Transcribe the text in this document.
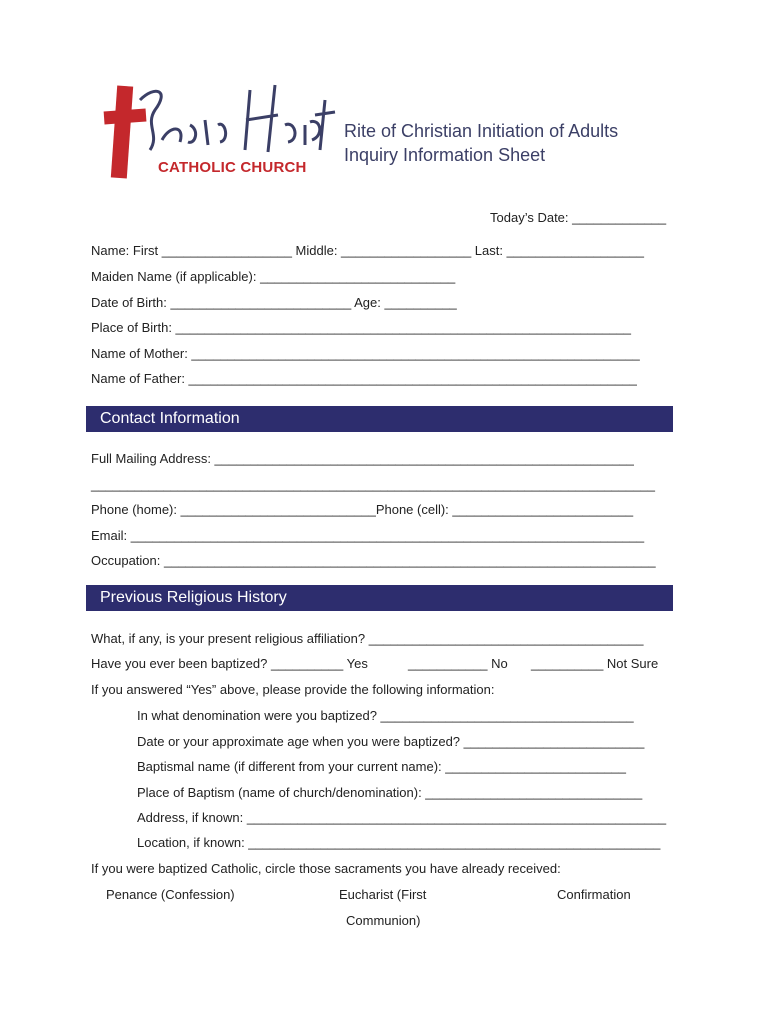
CATHOLIC CHURCH
Rite of Christian Initiation of Adults
Inquiry Information Sheet
Today’s Date: _____________
Name: First __________________ Middle: __________________ Last: ___________________
Maiden Name (if applicable): ___________________________
Date of Birth: _________________________ Age: __________
Place of Birth: _______________________________________________________________
Name of Mother: ______________________________________________________________
Name of Father: ______________________________________________________________
Contact Information
Full Mailing Address: __________________________________________________________
______________________________________________________________________________
Phone (home): ___________________________Phone (cell): _________________________
Email: _______________________________________________________________________
Occupation: ____________________________________________________________________
Previous Religious History
What, if any, is your present religious affiliation? ______________________________________
Have you ever been baptized? __________ Yes	___________ No __________ Not Sure
If you answered “Yes” above, please provide the following information:
In what denomination were you baptized? ___________________________________
Date or your approximate age when you were baptized? _________________________
Baptismal name (if different from your current name): _________________________
Place of Baptism (name of church/denomination): ______________________________
Address, if known: __________________________________________________________
Location, if known: _________________________________________________________
If you were baptized Catholic, circle those sacraments you have already received:
Penance (Confession)	Eucharist (First
Communion)
Confirmation
